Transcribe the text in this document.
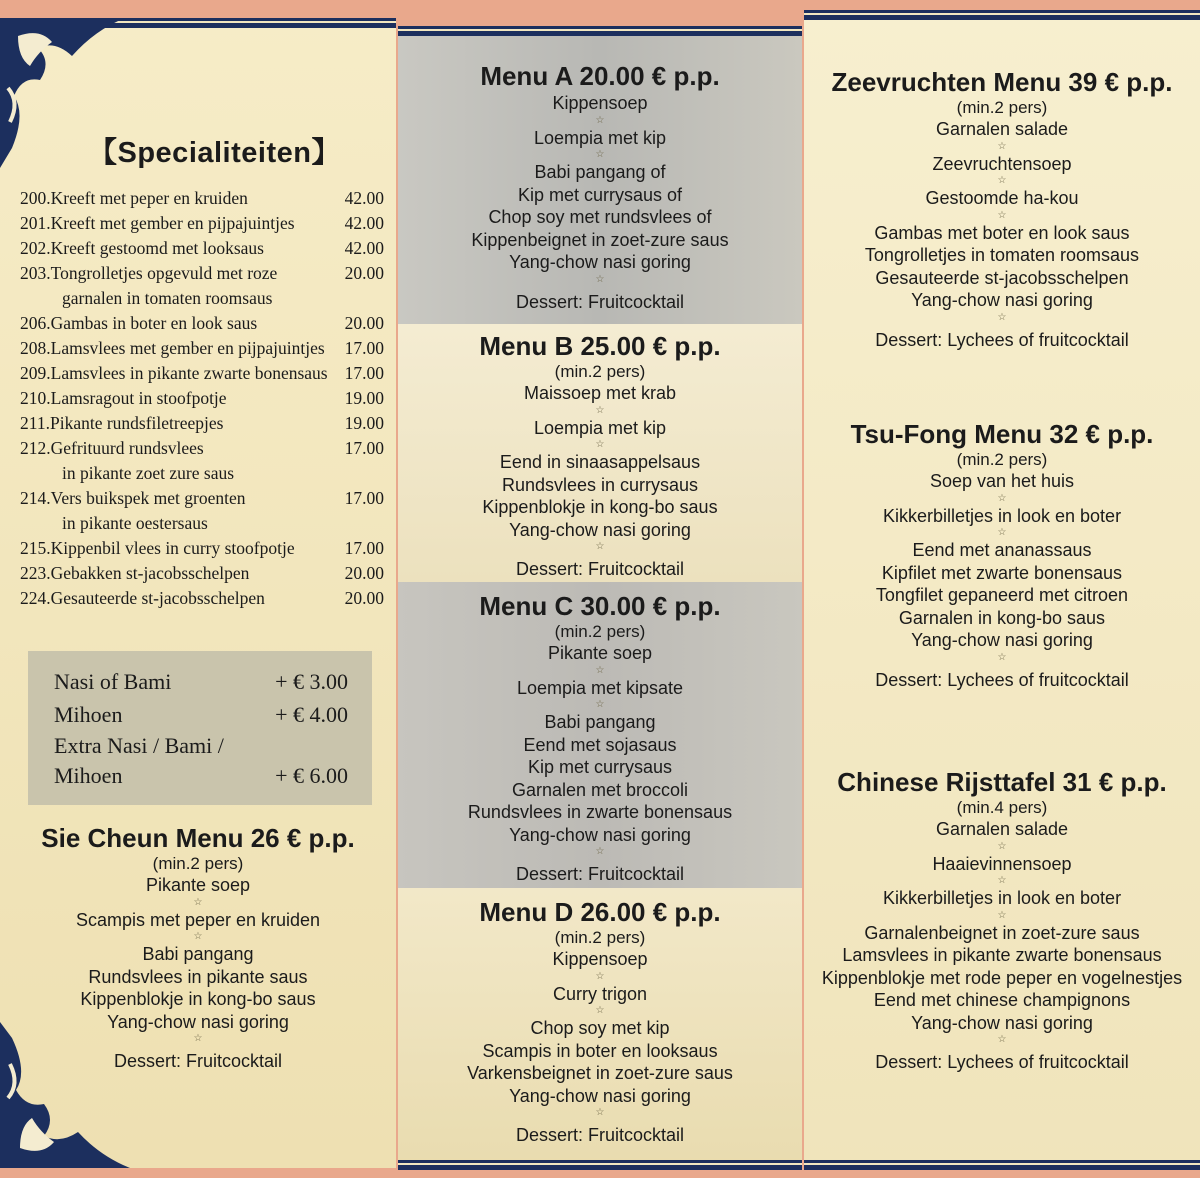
【Specialiteiten】
200.Kreeft met peper en kruiden	42.00
201.Kreeft met gember en pijpajuintjes	42.00
202.Kreeft gestoomd met looksaus	42.00
203.Tongrolletjes opgevuld met roze	20.00
garnalen in tomaten roomsaus
206.Gambas in boter en look saus	20.00
208.Lamsvlees met gember en pijpajuintjes	17.00
209.Lamsvlees in pikante zwarte bonensaus 17.00
210.Lamsragout in stoofpotje	19.00
211.Pikante rundsfiletreepjes	19.00
212.Gefrituurd rundsvlees	17.00
in pikante zoet zure saus
214.Vers buikspek met groenten	17.00
in pikante oestersaus
215.Kippenbil vlees in curry stoofpotje	17.00
223.Gebakken st-jacobsschelpen	20.00
224.Gesauteerde st-jacobsschelpen	20.00
Nasi of Bami	+ € 3.00
Mihoen	+ € 4.00
Extra Nasi / Bami /
Mihoen	+ € 6.00
Sie Cheun Menu 26 € p.p.
(min.2 pers)
Pikante soep
☆
Scampis met peper en kruiden
☆
Babi pangang
Rundsvlees in pikante saus
Kippenblokje in kong-bo saus
Yang-chow nasi goring
☆
Dessert: Fruitcocktail
Menu A 20.00 € p.p.
Kippensoep
☆
Loempia met kip
☆
Babi pangang of
Kip met currysaus of
Chop soy met rundsvlees of
Kippenbeignet in zoet-zure saus
Yang-chow nasi goring
☆
Dessert: Fruitcocktail
Menu B 25.00 € p.p.
(min.2 pers)
Maissoep met krab
☆
Loempia met kip
☆
Eend in sinaasappelsaus
Rundsvlees in currysaus
Kippenblokje in kong-bo saus
Yang-chow nasi goring
☆
Dessert: Fruitcocktail
Menu C 30.00 € p.p.
(min.2 pers)
Pikante soep
☆
Loempia met kipsate
☆
Babi pangang
Eend met sojasaus
Kip met currysaus
Garnalen met broccoli
Rundsvlees in zwarte bonensaus
Yang-chow nasi goring
☆
Dessert: Fruitcocktail
Menu D 26.00 € p.p.
(min.2 pers)
Kippensoep
☆
Curry trigon
☆
Chop soy met kip
Scampis in boter en looksaus
Varkensbeignet in zoet-zure saus
Yang-chow nasi goring
☆
Dessert: Fruitcocktail
Zeevruchten Menu 39 € p.p.
(min.2 pers)
Garnalen salade
☆
Zeevruchtensoep
☆
Gestoomde ha-kou
☆
Gambas met boter en look saus
Tongrolletjes in tomaten roomsaus
Gesauteerde st-jacobsschelpen
Yang-chow nasi goring
☆
Dessert: Lychees of fruitcocktail
Tsu-Fong Menu 32 € p.p.
(min.2 pers)
Soep van het huis
☆
Kikkerbilletjes in look en boter
☆
Eend met ananassaus
Kipfilet met zwarte bonensaus
Tongfilet gepaneerd met citroen
Garnalen in kong-bo saus
Yang-chow nasi goring
☆
Dessert: Lychees of fruitcocktail
Chinese Rijsttafel 31 € p.p.
(min.4 pers)
Garnalen salade
☆
Haaievinnensoep
☆
Kikkerbilletjes in look en boter
☆
Garnalenbeignet in zoet-zure saus
Lamsvlees in pikante zwarte bonensaus
Kippenblokje met rode peper en vogelnestjes
Eend met chinese champignons
Yang-chow nasi goring
☆
Dessert: Lychees of fruitcocktail
